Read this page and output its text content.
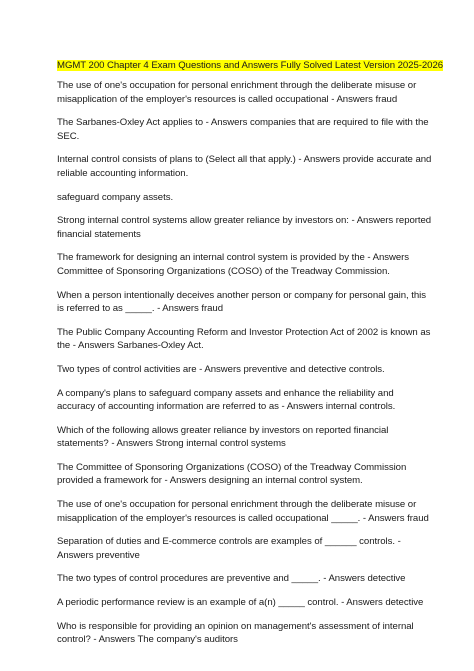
MGMT 200 Chapter 4 Exam Questions and Answers Fully Solved Latest Version 2025-2026

The use of one's occupation for personal enrichment through the deliberate misuse or misapplication of the employer's resources is called occupational - Answers fraud

The Sarbanes-Oxley Act applies to - Answers companies that are required to file with the SEC.

Internal control consists of plans to (Select all that apply.) - Answers provide accurate and reliable accounting information.

safeguard company assets.

Strong internal control systems allow greater reliance by investors on: - Answers reported financial statements

The framework for designing an internal control system is provided by the - Answers Committee of Sponsoring Organizations (COSO) of the Treadway Commission.

When a person intentionally deceives another person or company for personal gain, this is referred to as _____. - Answers fraud

The Public Company Accounting Reform and Investor Protection Act of 2002 is known as the - Answers Sarbanes-Oxley Act.

Two types of control activities are - Answers preventive and detective controls.

A company's plans to safeguard company assets and enhance the reliability and accuracy of accounting information are referred to as - Answers internal controls.

Which of the following allows greater reliance by investors on reported financial statements? - Answers Strong internal control systems

The Committee of Sponsoring Organizations (COSO) of the Treadway Commission provided a framework for - Answers designing an internal control system.

The use of one's occupation for personal enrichment through the deliberate misuse or misapplication of the employer's resources is called occupational _____. - Answers fraud

Separation of duties and E-commerce controls are examples of ______ controls. - Answers preventive

The two types of control procedures are preventive and _____. - Answers detective

A periodic performance review is an example of a(n) _____ control. - Answers detective

Who is responsible for providing an opinion on management's assessment of internal control? - Answers The company's auditors
